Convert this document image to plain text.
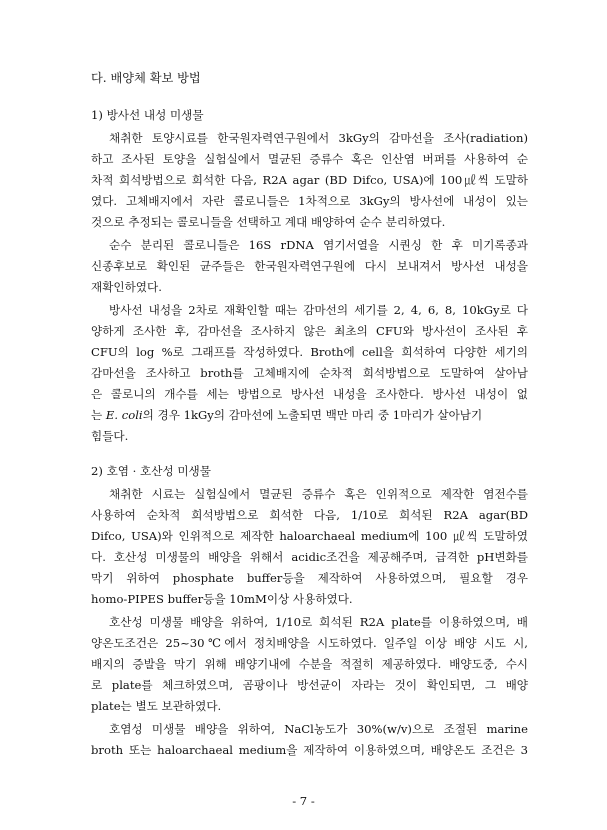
다. 배양체 확보 방법
1) 방사선 내성 미생물
채취한 토양시료를 한국원자력연구원에서 3kGy의 감마선을 조사(radiation)
하고 조사된 토양을 실험실에서 멸균된 증류수 혹은 인산염 버퍼를 사용하여 순
차적 희석방법으로 희석한 다음, R2A agar (BD Difco, USA)에 100㎕씩 도말하
였다. 고체배지에서 자란 콜로니들은 1차적으로 3kGy의 방사선에 내성이 있는
것으로 추정되는 콜로니들을 선택하고 계대 배양하여 순수 분리하였다.
순수 분리된 콜로니들은 16S rDNA 염기서열을 시퀀싱 한 후 미기록종과
신종후보로 확인된 균주들은 한국원자력연구원에 다시 보내져서 방사선 내성을
재확인하였다.
방사선 내성을 2차로 재확인할 때는 감마선의 세기를 2, 4, 6, 8, 10kGy로 다
양하게 조사한 후, 감마선을 조사하지 않은 최초의 CFU와 방사선이 조사된 후
CFU의 log %로 그래프를 작성하였다. Broth에 cell을 희석하여 다양한 세기의
감마선을 조사하고 broth를 고체배지에 순차적 희석방법으로 도말하여 살아남
은 콜로니의 개수를 세는 방법으로 방사선 내성을 조사한다. 방사선 내성이 없
는 E. coli의 경우 1kGy의 감마선에 노출되면 백만 마리 중 1마리가 살아남기
힘들다.
2) 호염 · 호산성 미생물
채취한 시료는 실험실에서 멸균된 증류수 혹은 인위적으로 제작한 염전수를
사용하여 순차적 희석방법으로 희석한 다음, 1/10로 희석된 R2A agar(BD
Difco, USA)와 인위적으로 제작한 haloarchaeal medium에 100 ㎕씩 도말하였
다. 호산성 미생물의 배양을 위해서 acidic조건을 제공해주며, 급격한 pH변화를
막기 위하여 phosphate buffer등을 제작하여 사용하였으며, 필요할 경우
homo-PIPES buffer등을 10mM이상 사용하였다.
호산성 미생물 배양을 위하여, 1/10로 희석된 R2A plate를 이용하였으며, 배
양온도조건은 25~30℃에서 정치배양을 시도하였다. 일주일 이상 배양 시도 시,
배지의 증발을 막기 위해 배양기내에 수분을 적절히 제공하였다. 배양도중, 수시
로 plate를 체크하였으며, 곰팡이나 방선균이 자라는 것이 확인되면, 그 배양
plate는 별도 보관하였다.
호염성 미생물 배양을 위하여, NaCl농도가 30%(w/v)으로 조절된 marine
broth 또는 haloarchaeal medium을 제작하여 이용하였으며, 배양온도 조건은 3
- 7 -
